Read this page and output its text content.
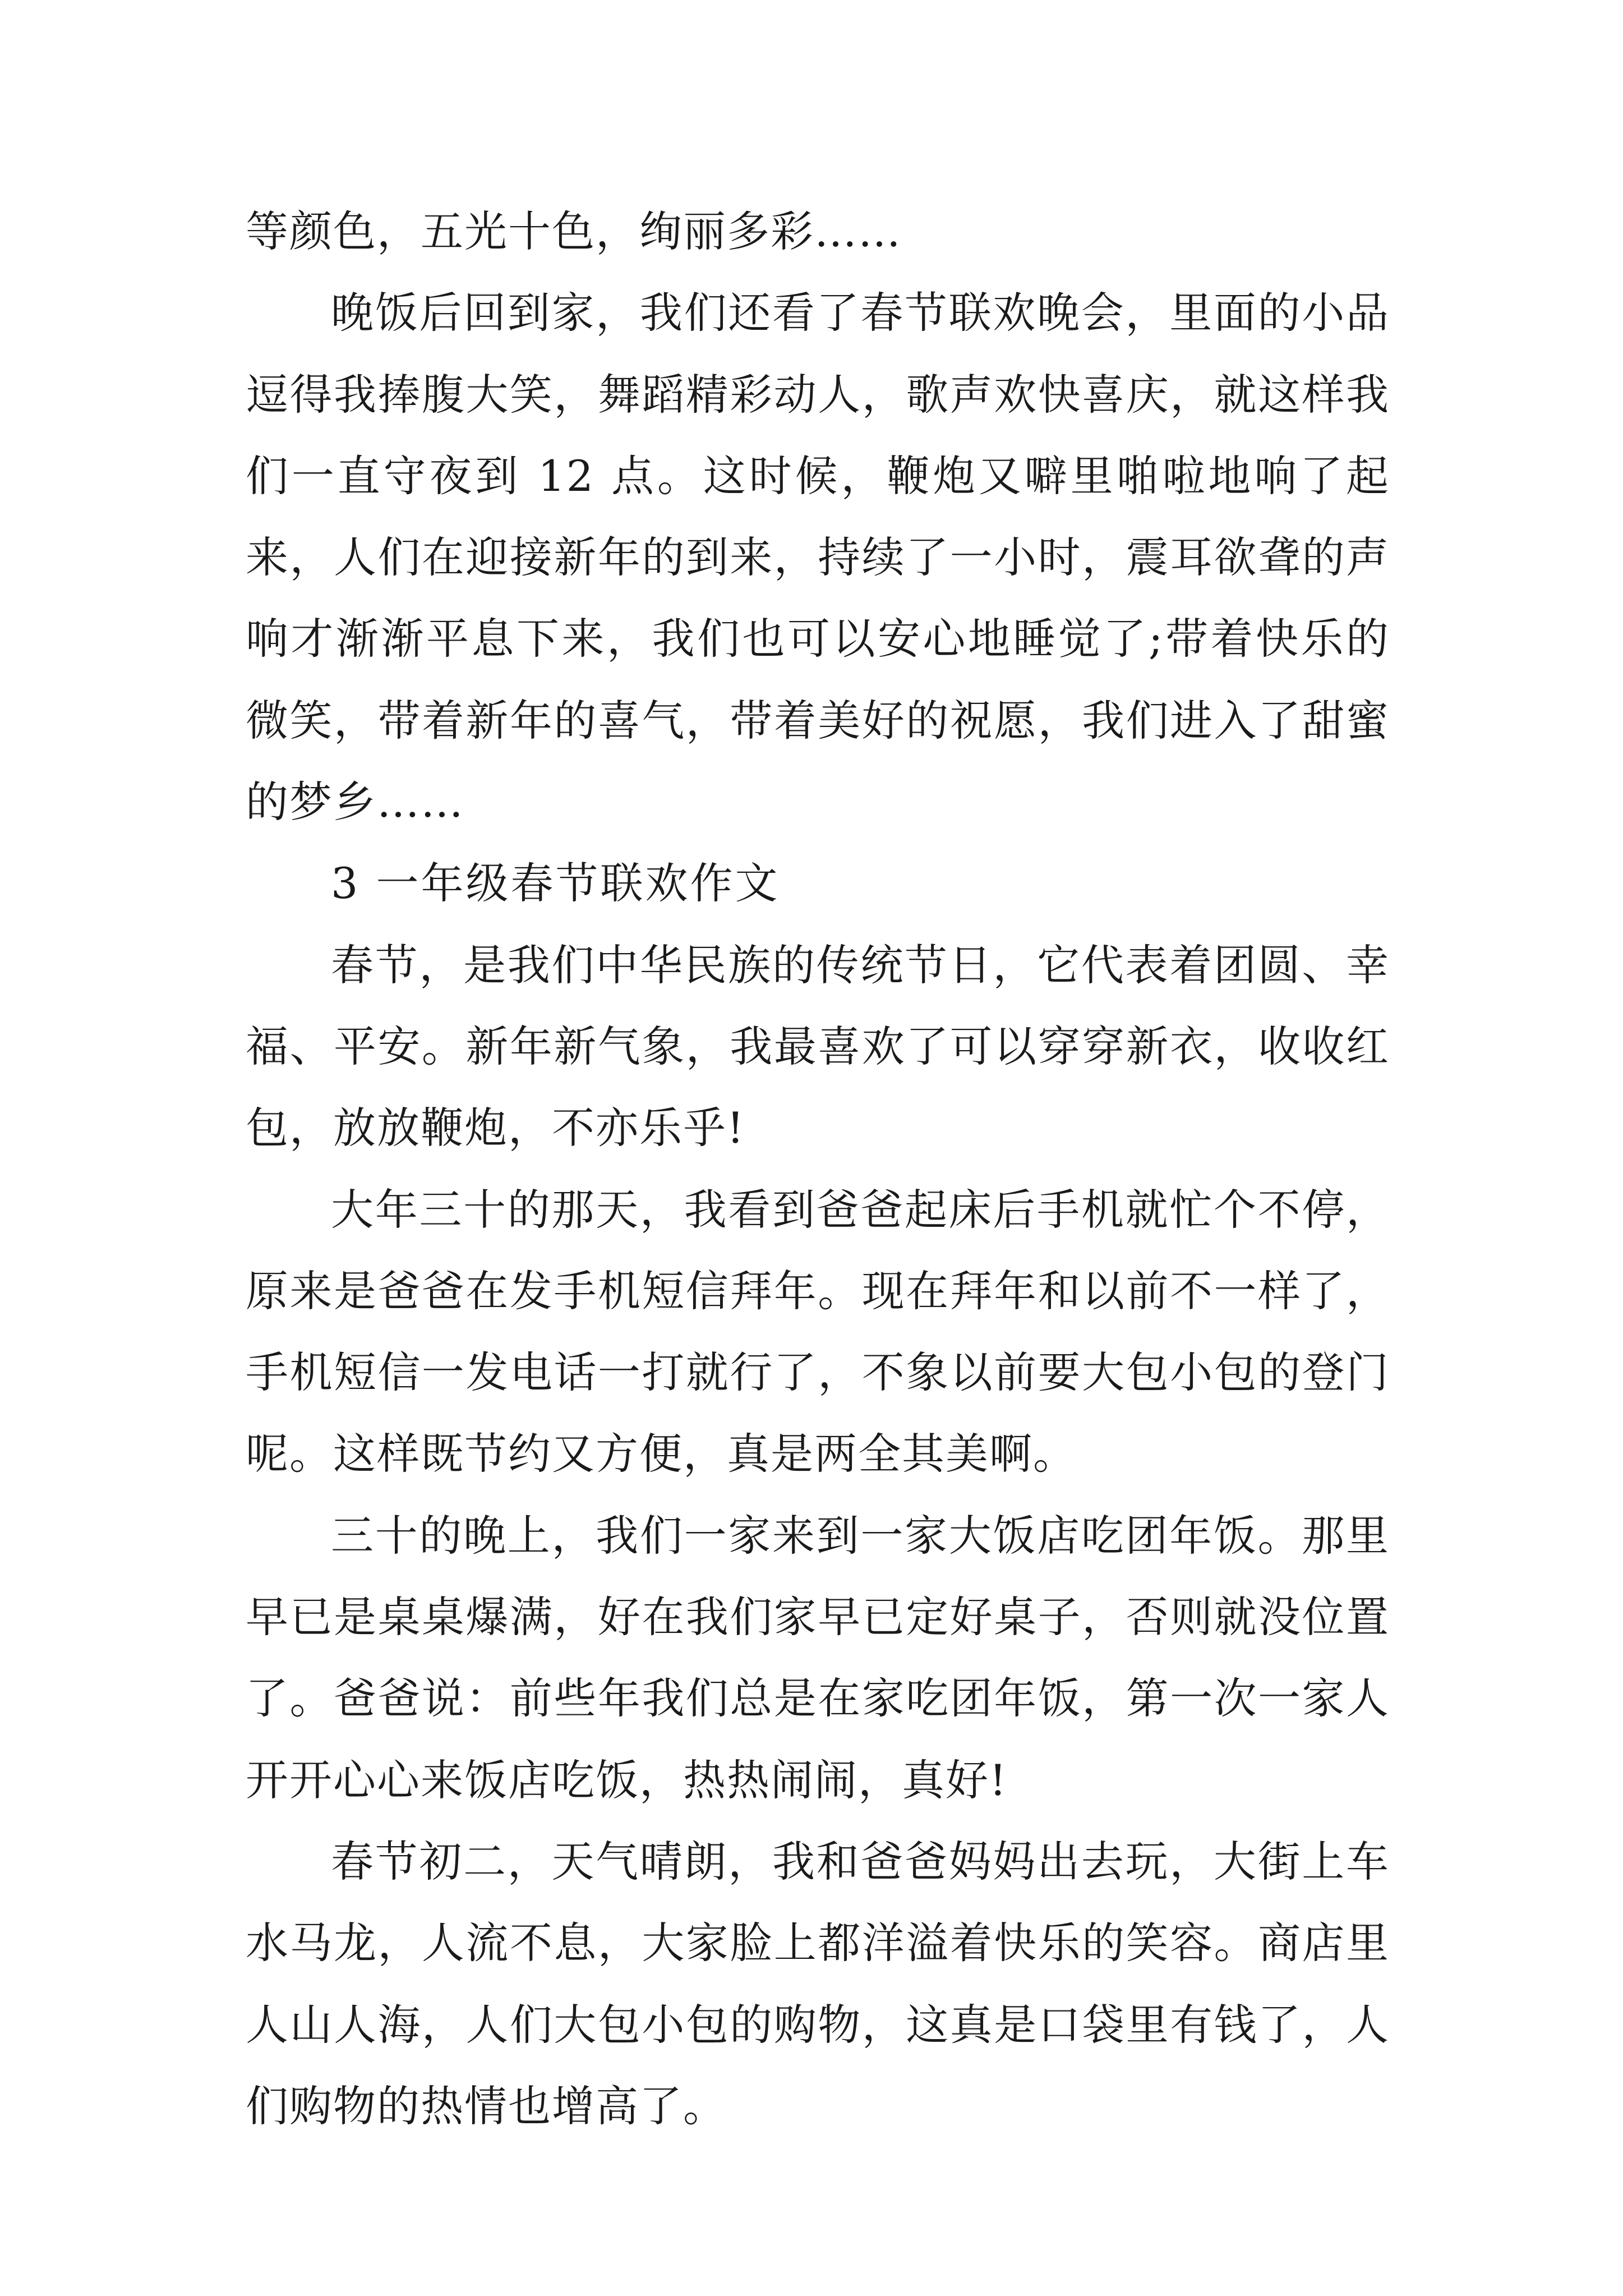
等颜色，五光十色，绚丽多彩……

晚饭后回到家，我们还看了春节联欢晚会，里面的小品逗得我捧腹大笑，舞蹈精彩动人，歌声欢快喜庆，就这样我们一直守夜到 12 点。这时候，鞭炮又噼里啪啦地响了起来，人们在迎接新年的到来，持续了一小时，震耳欲聋的声响才渐渐平息下来，我们也可以安心地睡觉了;带着快乐的微笑，带着新年的喜气，带着美好的祝愿，我们进入了甜蜜的梦乡……

3 一年级春节联欢作文

春节，是我们中华民族的传统节日，它代表着团圆、幸福、平安。新年新气象，我最喜欢了可以穿穿新衣，收收红包，放放鞭炮，不亦乐乎!

大年三十的那天，我看到爸爸起床后手机就忙个不停，原来是爸爸在发手机短信拜年。现在拜年和以前不一样了，手机短信一发电话一打就行了，不象以前要大包小包的登门呢。这样既节约又方便，真是两全其美啊。

三十的晚上，我们一家来到一家大饭店吃团年饭。那里早已是桌桌爆满，好在我们家早已定好桌子，否则就没位置了。爸爸说：前些年我们总是在家吃团年饭，第一次一家人开开心心来饭店吃饭，热热闹闹，真好!

春节初二，天气晴朗，我和爸爸妈妈出去玩，大街上车水马龙，人流不息，大家脸上都洋溢着快乐的笑容。商店里人山人海，人们大包小包的购物，这真是口袋里有钱了，人们购物的热情也增高了。
